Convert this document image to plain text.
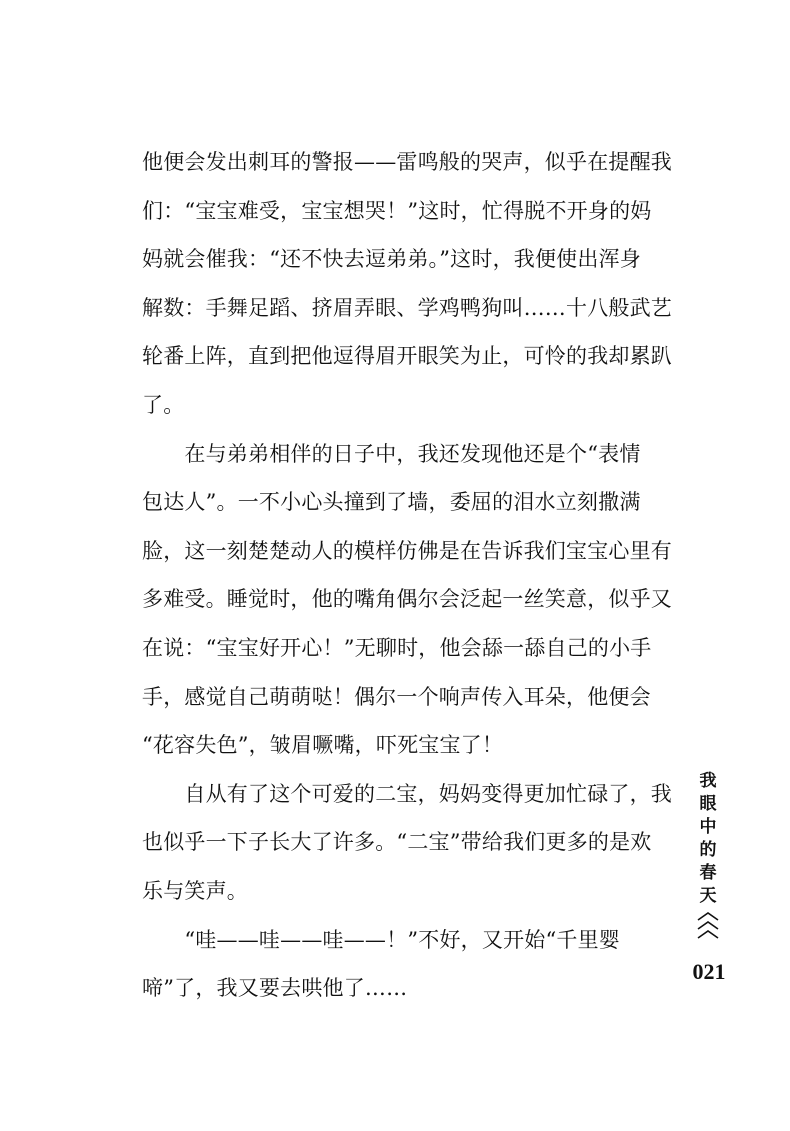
他便会发出刺耳的警报——雷鸣般的哭声，似乎在提醒我
们：“宝宝难受，宝宝想哭！”这时，忙得脱不开身的妈
妈就会催我：“还不快去逗弟弟。”这时，我便使出浑身
解数：手舞足蹈、挤眉弄眼、学鸡鸭狗叫……十八般武艺
轮番上阵，直到把他逗得眉开眼笑为止，可怜的我却累趴
了。
　　在与弟弟相伴的日子中，我还发现他还是个“表情
包达人”。一不小心头撞到了墙，委屈的泪水立刻撒满
脸，这一刻楚楚动人的模样仿佛是在告诉我们宝宝心里有
多难受。睡觉时，他的嘴角偶尔会泛起一丝笑意，似乎又
在说：“宝宝好开心！”无聊时，他会舔一舔自己的小手
手，感觉自己萌萌哒！偶尔一个响声传入耳朵，他便会
“花容失色”，皱眉噘嘴，吓死宝宝了！
　　自从有了这个可爱的二宝，妈妈变得更加忙碌了，我
也似乎一下子长大了许多。“二宝”带给我们更多的是欢
乐与笑声。
　　“哇——哇——哇——！”不好，又开始“千里婴
啼”了，我又要去哄他了……
我
眼
中
的
春
天
021
